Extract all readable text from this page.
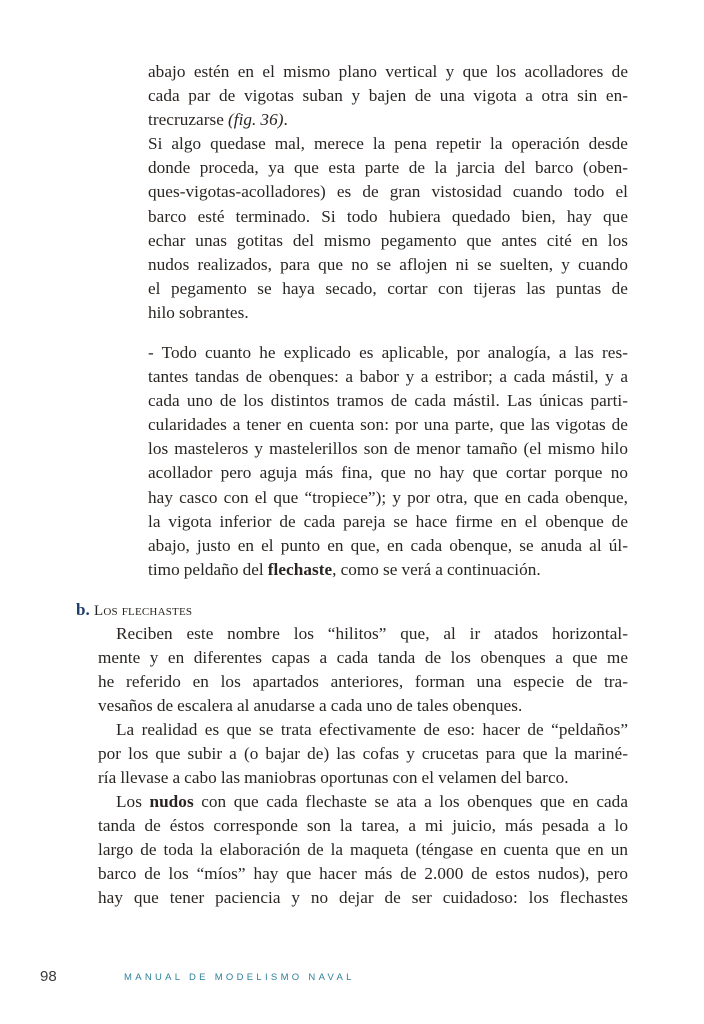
abajo estén en el mismo plano vertical y que los acolladores de
cada par de vigotas suban y bajen de una vigota a otra sin en-
trecruzarse (fig. 36).
Si algo quedase mal, merece la pena repetir la operación desde
donde proceda, ya que esta parte de la jarcia del barco (oben-
ques-vigotas-acolladores) es de gran vistosidad cuando todo el
barco esté terminado. Si todo hubiera quedado bien, hay que
echar unas gotitas del mismo pegamento que antes cité en los
nudos realizados, para que no se aflojen ni se suelten, y cuando
el pegamento se haya secado, cortar con tijeras las puntas de
hilo sobrantes.
- Todo cuanto he explicado es aplicable, por analogía, a las res-
tantes tandas de obenques: a babor y a estribor; a cada mástil, y a
cada uno de los distintos tramos de cada mástil. Las únicas parti-
cularidades a tener en cuenta son: por una parte, que las vigotas de
los masteleros y mastelerillos son de menor tamaño (el mismo hilo
acollador pero aguja más fina, que no hay que cortar porque no
hay casco con el que “tropiece”); y por otra, que en cada obenque,
la vigota inferior de cada pareja se hace firme en el obenque de
abajo, justo en el punto en que, en cada obenque, se anuda al úl-
timo peldaño del flechaste, como se verá a continuación.
b. Los flechastes
Reciben este nombre los “hilitos” que, al ir atados horizontal-
mente y en diferentes capas a cada tanda de los obenques a que me
he referido en los apartados anteriores, forman una especie de tra-
vesaños de escalera al anudarse a cada uno de tales obenques.
La realidad es que se trata efectivamente de eso: hacer de “peldaños”
por los que subir a (o bajar de) las cofas y crucetas para que la mariné-
ría llevase a cabo las maniobras oportunas con el velamen del barco.
Los nudos con que cada flechaste se ata a los obenques que en cada
tanda de éstos corresponde son la tarea, a mi juicio, más pesada a lo
largo de toda la elaboración de la maqueta (téngase en cuenta que en un
barco de los “míos” hay que hacer más de 2.000 de estos nudos), pero
hay que tener paciencia y no dejar de ser cuidadoso: los flechastes
98	MANUAL DE MODELISMO NAVAL
